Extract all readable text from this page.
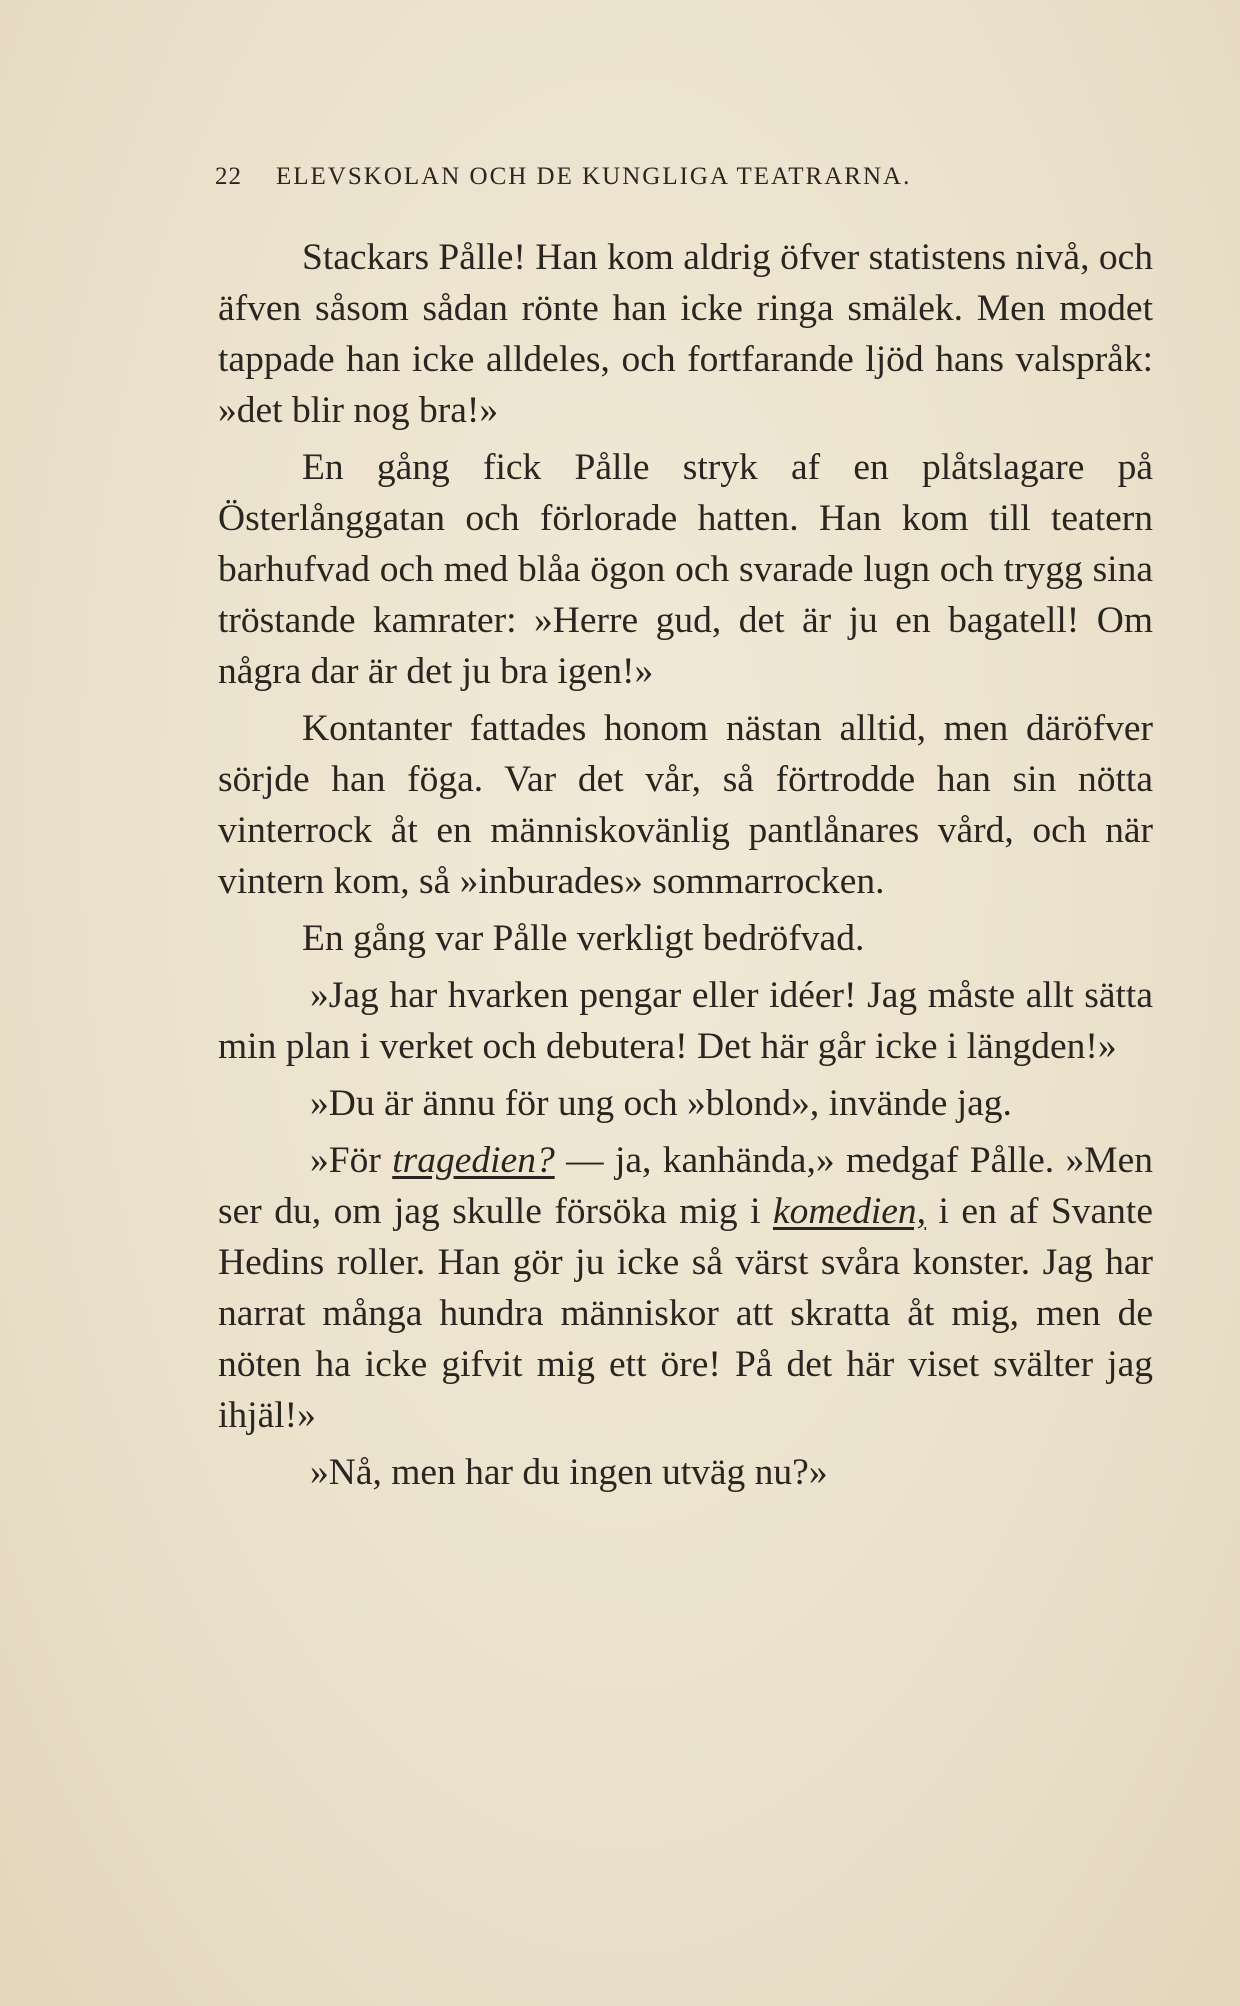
22 ELEVSKOLAN OCH DE KUNGLIGA TEATRARNA.

Stackars Pålle! Han kom aldrig öfver statistens nivå, och äfven såsom sådan rönte han icke ringa smälek. Men modet tappade han icke alldeles, och fortfarande ljöd hans valspråk: »det blir nog bra!»

En gång fick Pålle stryk af en plåtslagare på Österlånggatan och förlorade hatten. Han kom till teatern barhufvad och med blåa ögon och svarade lugn och trygg sina tröstande kamrater: »Herre gud, det är ju en bagatell! Om några dar är det ju bra igen!»

Kontanter fattades honom nästan alltid, men däröfver sörjde han föga. Var det vår, så förtrodde han sin nötta vinterrock åt en människovänlig pantlånares vård, och när vintern kom, så »inburades» sommarrocken.

En gång var Pålle verkligt bedröfvad.

»Jag har hvarken pengar eller idéer! Jag måste allt sätta min plan i verket och debutera! Det här går icke i längden!»

»Du är ännu för ung och »blond», invände jag.

»För tragedien? — ja, kanhända,» medgaf Pålle. »Men ser du, om jag skulle försöka mig i komedien, i en af Svante Hedins roller. Han gör ju icke så värst svåra konster. Jag har narrat många hundra människor att skratta åt mig, men de nöten ha icke gifvit mig ett öre! På det här viset svälter jag ihjäl!»

»Nå, men har du ingen utväg nu?»
